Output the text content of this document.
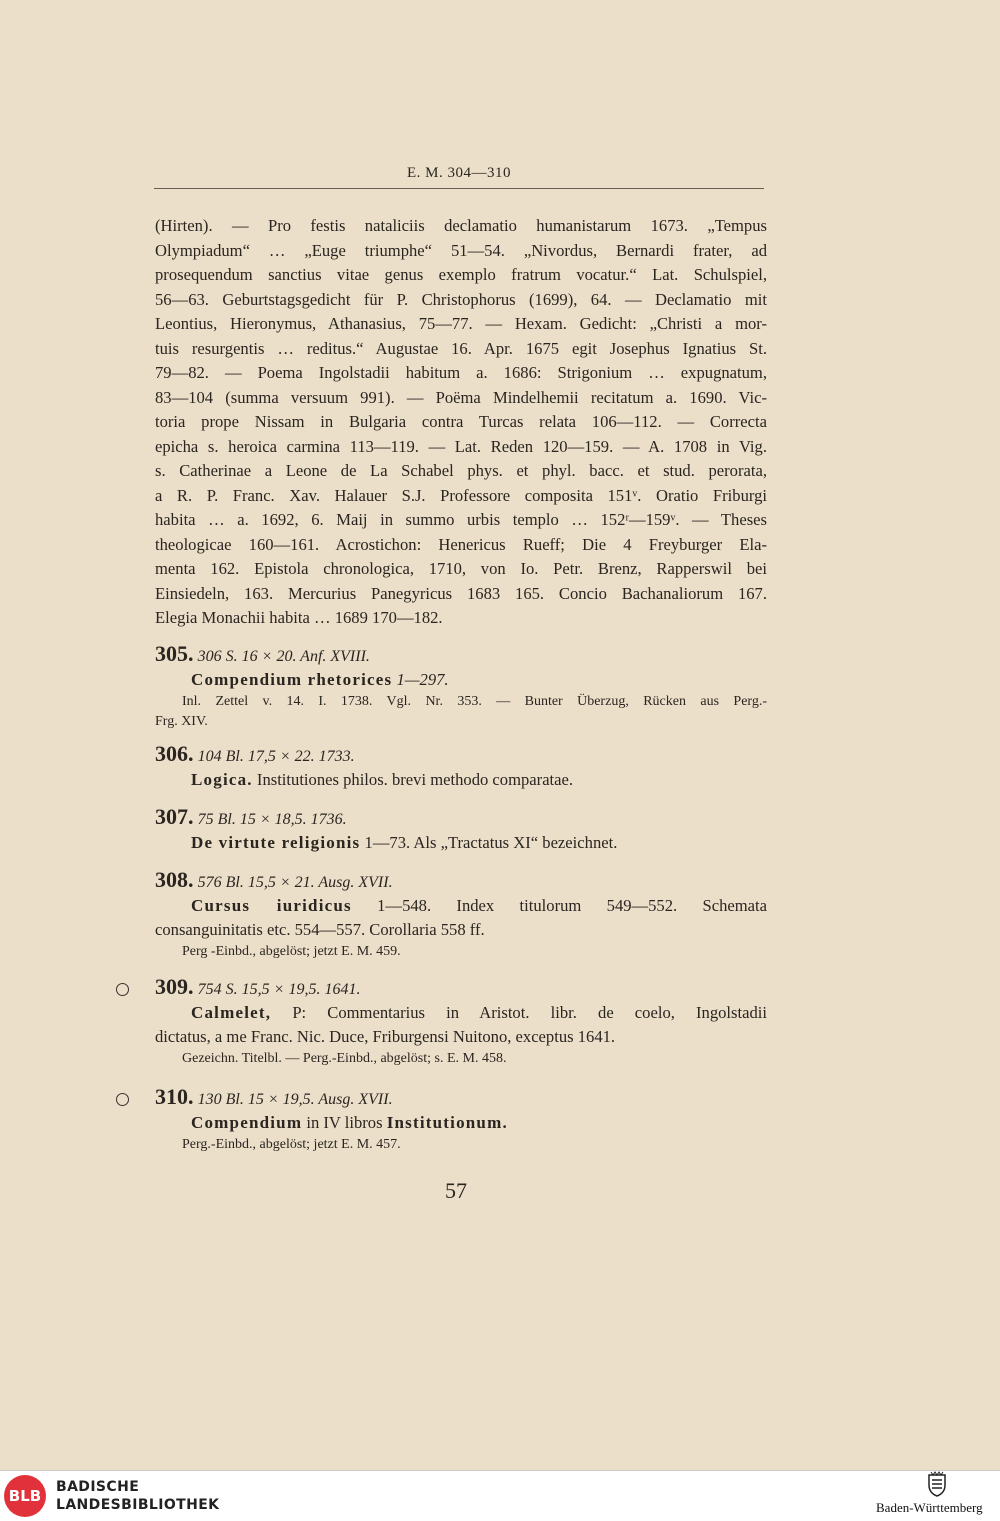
E. M. 304—310
(Hirten). — Pro festis nataliciis declamatio humanistarum 1673. „Tempus
Olympiadum“ … „Euge triumphe“ 51—54. „Nivordus, Bernardi frater, ad
prosequendum sanctius vitae genus exemplo fratrum vocatur.“ Lat. Schulspiel,
56—63. Geburtstagsgedicht für P. Christophorus (1699), 64. — Declamatio mit
Leontius, Hieronymus, Athanasius, 75—77. — Hexam. Gedicht: „Christi a mor-
tuis resurgentis … reditus.“ Augustae 16. Apr. 1675 egit Josephus Ignatius St.
79—82. — Poema Ingolstadii habitum a. 1686: Strigonium … expugnatum,
83—104 (summa versuum 991). — Poëma Mindelhemii recitatum a. 1690. Vic-
toria prope Nissam in Bulgaria contra Turcas relata 106—112. — Correcta
epicha s. heroica carmina 113—119. — Lat. Reden 120—159. — A. 1708 in Vig.
s. Catherinae a Leone de La Schabel phys. et phyl. bacc. et stud. perorata,
a R. P. Franc. Xav. Halauer S.J. Professore composita 151ᵛ. Oratio Friburgi
habita … a. 1692, 6. Maij in summo urbis templo … 152ʳ—159ᵛ. — Theses
theologicae 160—161. Acrostichon: Henericus Rueff; Die 4 Freyburger Ela-
menta 162. Epistola chronologica, 1710, von Io. Petr. Brenz, Rapperswil bei
Einsiedeln, 163. Mercurius Panegyricus 1683 165. Concio Bachanaliorum 167.
Elegia Monachii habita … 1689 170—182.
305. 306 S. 16 × 20. Anf. XVIII.
Compendium rhetorices 1—297.
Inl. Zettel v. 14. I. 1738. Vgl. Nr. 353. — Bunter Überzug, Rücken aus Perg.-
Frg. XIV.
306. 104 Bl. 17,5 × 22. 1733.
Logica. Institutiones philos. brevi methodo comparatae.
307. 75 Bl. 15 × 18,5. 1736.
De virtute religionis 1—73. Als „Tractatus XI“ bezeichnet.
308. 576 Bl. 15,5 × 21. Ausg. XVII.
Cursus iuridicus 1—548. Index titulorum 549—552. Schemata
consanguinitatis etc. 554—557. Corollaria 558 ff.
Perg -Einbd., abgelöst; jetzt E. M. 459.
309. 754 S. 15,5 × 19,5. 1641.
Calmelet, P: Commentarius in Aristot. libr. de coelo, Ingolstadii
dictatus, a me Franc. Nic. Duce, Friburgensi Nuitono, exceptus 1641.
Gezeichn. Titelbl. — Perg.-Einbd., abgelöst; s. E. M. 458.
310. 130 Bl. 15 × 19,5. Ausg. XVII.
Compendium in IV libros Institutionum.
Perg.-Einbd., abgelöst; jetzt E. M. 457.
57
BLB	BADISCHE
LANDESBIBLIOTHEK	Baden-Württemberg
